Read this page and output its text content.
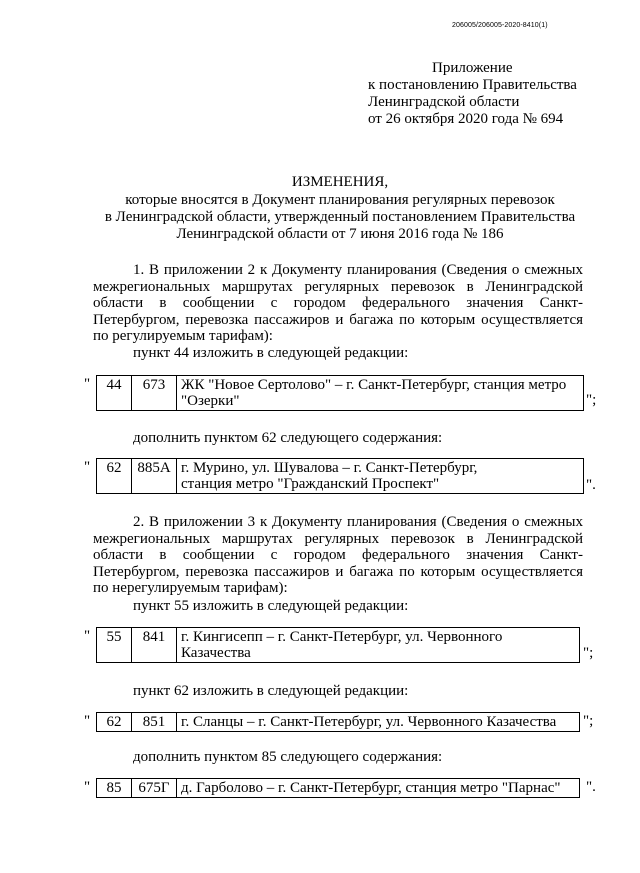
206005/206005-2020-8410(1)
Приложение
к постановлению Правительства
Ленинградской области
от 26 октября 2020 года № 694
ИЗМЕНЕНИЯ,
которые вносятся в Документ планирования регулярных перевозок
в Ленинградской области, утвержденный постановлением Правительства
Ленинградской области от 7 июня 2016 года № 186
1. В приложении 2 к Документу планирования (Сведения о смежных
межрегиональных маршрутах регулярных перевозок в Ленинградской
области в сообщении с городом федерального значения Санкт-
Петербургом, перевозка пассажиров и багажа по которым осуществляется
по регулируемым тарифам):
пункт 44 изложить в следующей редакции:
" 44	673	ЖК "Новое Сертолово" – г. Санкт-Петербург, станция метро
"Озерки"	";
дополнить пунктом 62 следующего содержания:
" 62	885А	г. Мурино, ул. Шувалова – г. Санкт-Петербург,
станция метро "Гражданский Проспект"	".
2. В приложении 3 к Документу планирования (Сведения о смежных
межрегиональных маршрутах регулярных перевозок в Ленинградской
области в сообщении с городом федерального значения Санкт-
Петербургом, перевозка пассажиров и багажа по которым осуществляется
по нерегулируемым тарифам):
пункт 55 изложить в следующей редакции:
" 55	841	г. Кингисепп – г. Санкт-Петербург, ул. Червонного
Казачества	";
пункт 62 изложить в следующей редакции:
" 62	851	г. Сланцы – г. Санкт-Петербург, ул. Червонного Казачества ";
дополнить пунктом 85 следующего содержания:
" 85	675Г	д. Гарболово – г. Санкт-Петербург, станция метро "Парнас" ".
